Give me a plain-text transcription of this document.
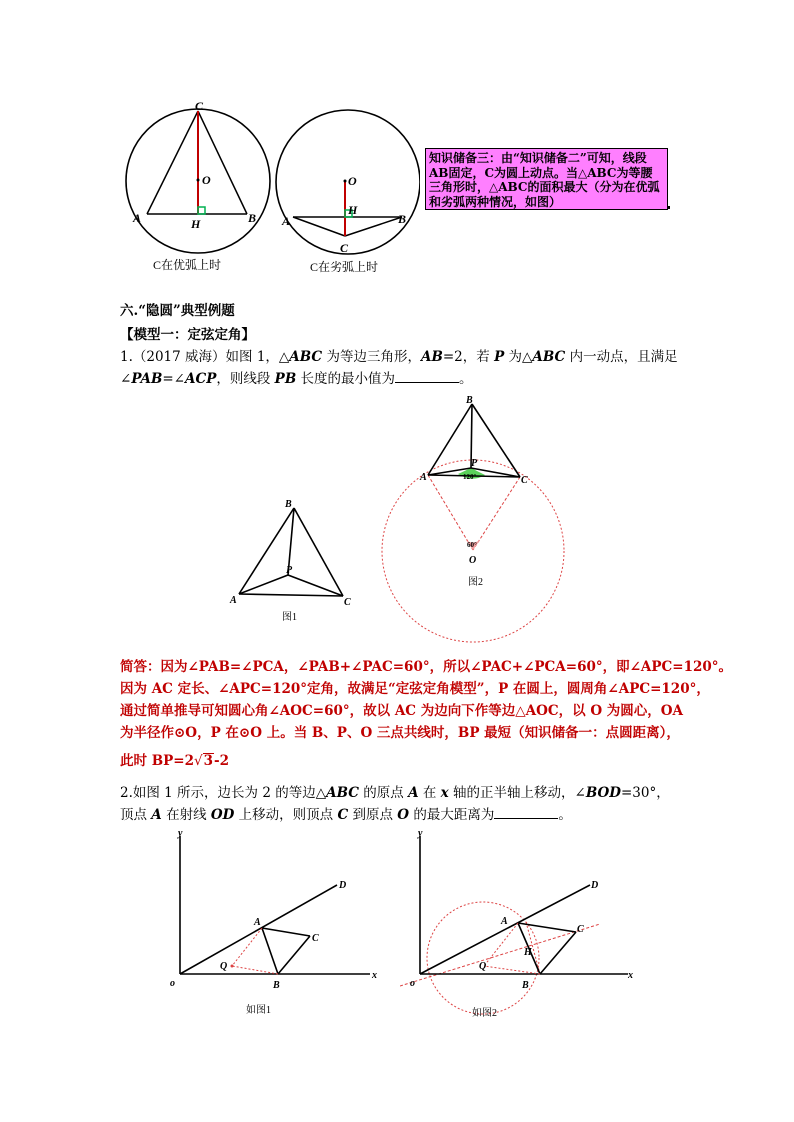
C
O
A	B
H
C在优弧上时
O
H
A	B
C
C在劣弧上时
知识储备三：由“知识储备二”可知，线段AB固定，C为圆上动点。当△ABC为等腰三角形时，△ABC的面积最大（分为在优弧和劣弧两种情况，如图）
六.“隐圆”典型例题
【模型一：定弦定角】
1.（2017 威海）如图 1，△ABC 为等边三角形，AB=2，若 P 为△ABC 内一动点，且满足
∠PAB=∠ACP，则线段 PB 长度的最小值为	。
B
P
A	C
图1
B
P
A	C
120°
60°
O
图2
简答：因为∠PAB=∠PCA，∠PAB+∠PAC=60°，所以∠PAC+∠PCA=60°，即∠APC=120°。
因为 AC 定长、∠APC=120°定角，故满足“定弦定角模型”，P 在圆上，圆周角∠APC=120°，
通过简单推导可知圆心角∠AOC=60°，故以 AC 为边向下作等边△AOC，以 O 为圆心，OA
为半径作⊙O，P 在⊙O 上。当 B、P、O 三点共线时，BP 最短（知识储备一：点圆距离），
此时 BP=2√3-2
2.如图 1 所示，边长为 2 的等边△ABC 的原点 A 在 x 轴的正半轴上移动，∠BOD=30°，
顶点 A 在射线 OD 上移动，则顶点 C 到原点 O 的最大距离为	。
y
x
o
D
A
C
B
Q
如图1
y
x
o
D
A
C
H
B
Q
如图2
